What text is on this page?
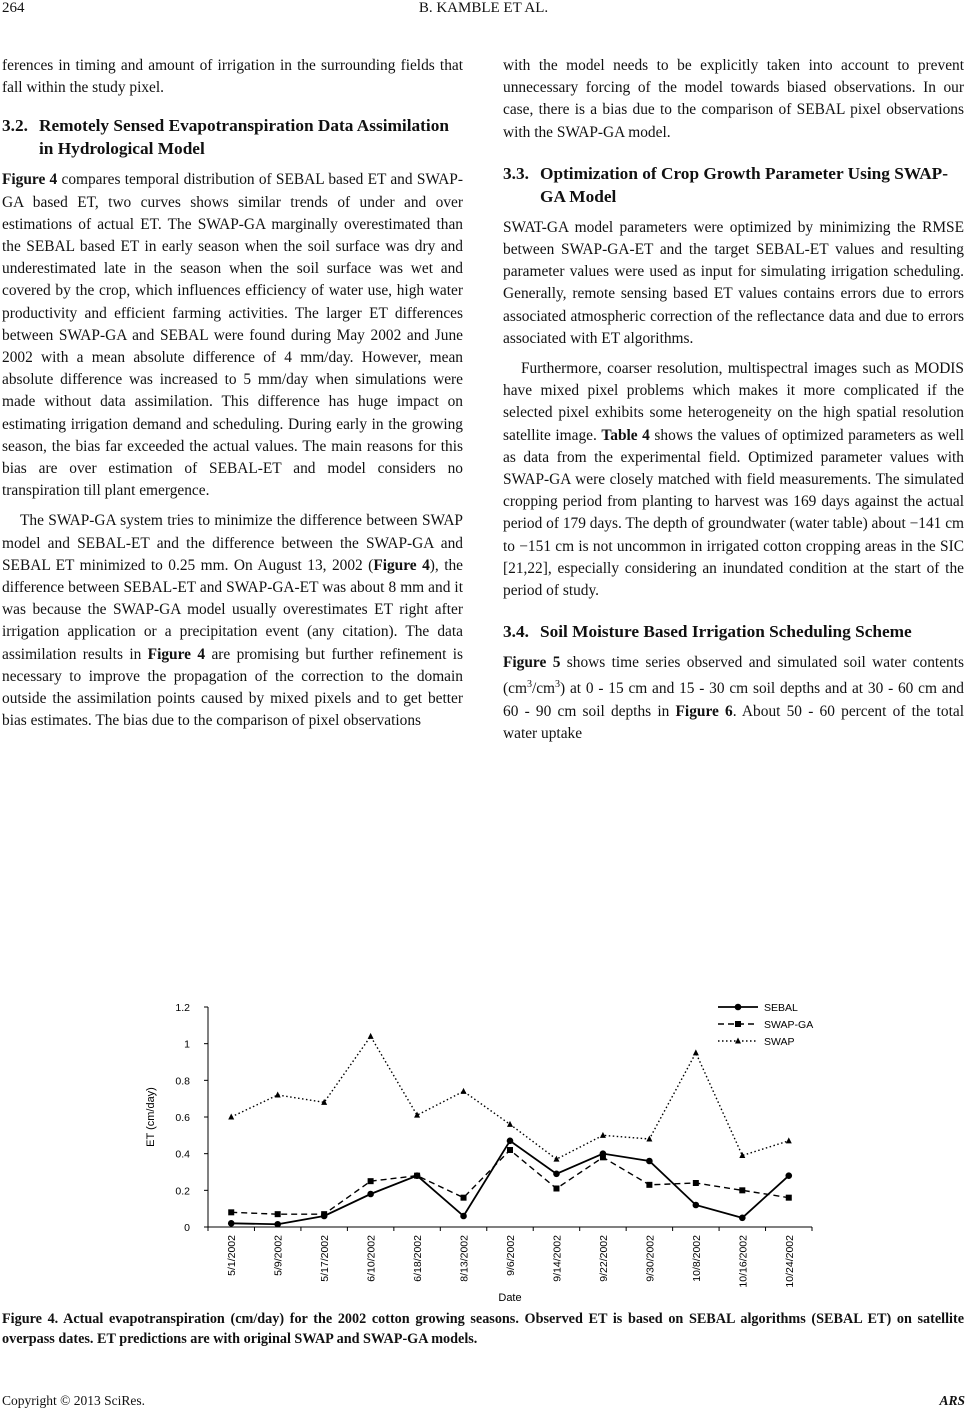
264	B. KAMBLE ET AL.

ferences in timing and amount of irrigation in the surrounding fields that fall within the study pixel.

3.2. Remotely Sensed Evapotranspiration Data Assimilation in Hydrological Model

Figure 4 compares temporal distribution of SEBAL based ET and SWAP-GA based ET, two curves shows similar trends of under and over estimations of actual ET. The SWAP-GA marginally overestimated than the SEBAL based ET in early season when the soil surface was dry and underestimated late in the season when the soil surface was wet and covered by the crop, which influences efficiency of water use, high water productivity and efficient farming activities. The larger ET differences between SWAP-GA and SEBAL were found during May 2002 and June 2002 with a mean absolute difference of 4 mm/day. However, mean absolute difference was increased to 5 mm/day when simulations were made without data assimilation. This difference has huge impact on estimating irrigation demand and scheduling. During early in the growing season, the bias far exceeded the actual values. The main reasons for this bias are over estimation of SEBAL-ET and model considers no transpiration till plant emergence.

The SWAP-GA system tries to minimize the difference between SWAP model and SEBAL-ET and the difference between the SWAP-GA and SEBAL ET minimized to 0.25 mm. On August 13, 2002 (Figure 4), the difference between SEBAL-ET and SWAP-GA-ET was about 8 mm and it was because the SWAP-GA model usually overestimates ET right after irrigation application or a precipitation event (any citation). The data assimilation results in Figure 4 are promising but further refinement is necessary to improve the propagation of the correction to the domain outside the assimilation points caused by mixed pixels and to get better bias estimates. The bias due to the comparison of pixel observations

with the model needs to be explicitly taken into account to prevent unnecessary forcing of the model towards biased observations. In our case, there is a bias due to the comparison of SEBAL pixel observations with the SWAP-GA model.

3.3. Optimization of Crop Growth Parameter Using SWAP-GA Model

SWAT-GA model parameters were optimized by minimizing the RMSE between SWAP-GA-ET and the target SEBAL-ET values and resulting parameter values were used as input for simulating irrigation scheduling. Generally, remote sensing based ET values contains errors due to errors associated atmospheric correction of the reflectance data and due to errors associated with ET algorithms.

Furthermore, coarser resolution, multispectral images such as MODIS have mixed pixel problems which makes it more complicated if the selected pixel exhibits some heterogeneity on the high spatial resolution satellite image. Table 4 shows the values of optimized parameters as well as data from the experimental field. Optimized parameter values with SWAP-GA were closely matched with field measurements. The simulated cropping period from planting to harvest was 169 days against the actual period of 179 days. The depth of groundwater (water table) about −141 cm to −151 cm is not uncommon in irrigated cotton cropping areas in the SIC [21,22], especially considering an inundated condition at the start of the period of study.

3.4. Soil Moisture Based Irrigation Scheduling Scheme

Figure 5 shows time series observed and simulated soil water contents $(cm^3/cm^3)$ at 0 - 15 cm and 15 - 30 cm soil depths and at 30 - 60 cm and 60 - 90 cm soil depths in Figure 6. About 50 - 60 percent of the total water uptake

0
0.2
0.4
0.6
0.8
1
1.2
5/1/2002	5/9/2002	5/17/2002	6/10/2002	6/18/2002	8/13/2002	9/6/2002	9/14/2002	9/22/2002	9/30/2002	10/8/2002	10/16/2002	10/24/2002
ET (cm/day)
Date
SEBAL
SWAP-GA
SWAP
Figure 4. Actual evapotranspiration (cm/day) for the 2002 cotton growing seasons. Observed ET is based on SEBAL algorithms (SEBAL ET) on satellite overpass dates. ET predictions are with original SWAP and SWAP-GA models.
Copyright © 2013 SciRes.	ARS
